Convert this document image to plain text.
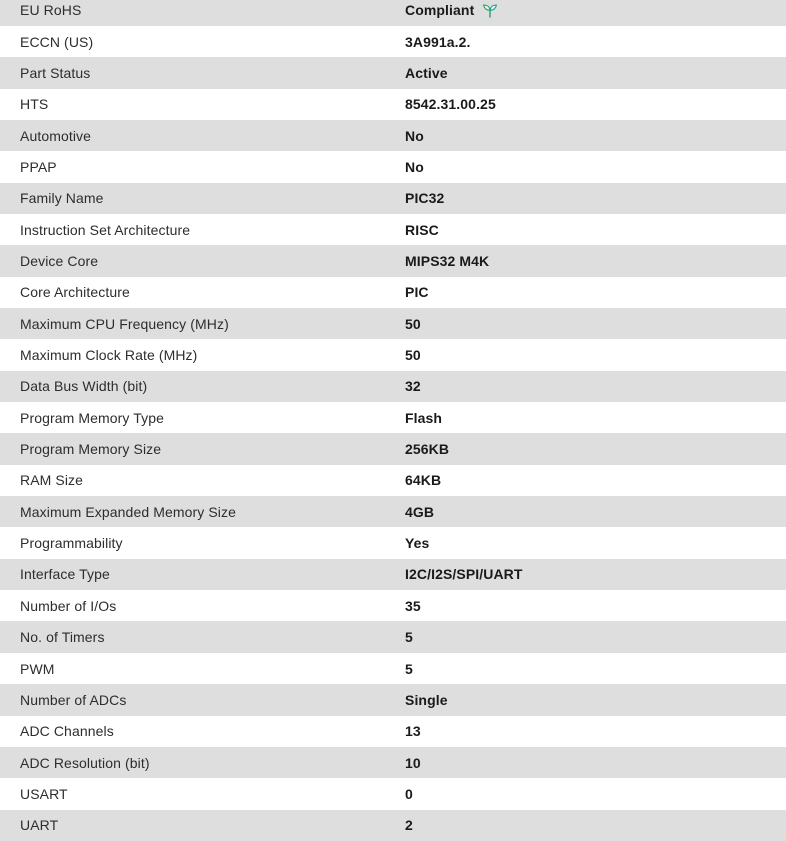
EU RoHS	Compliant
ECCN (US)	3A991a.2.
Part Status	Active
HTS	8542.31.00.25
Automotive	No
PPAP	No
Family Name	PIC32
Instruction Set Architecture	RISC
Device Core	MIPS32 M4K
Core Architecture	PIC
Maximum CPU Frequency (MHz)	50
Maximum Clock Rate (MHz)	50
Data Bus Width (bit)	32
Program Memory Type	Flash
Program Memory Size	256KB
RAM Size	64KB
Maximum Expanded Memory Size	4GB
Programmability	Yes
Interface Type	I2C/I2S/SPI/UART
Number of I/Os	35
No. of Timers	5
PWM	5
Number of ADCs	Single
ADC Channels	13
ADC Resolution (bit)	10
USART	0
UART	2
